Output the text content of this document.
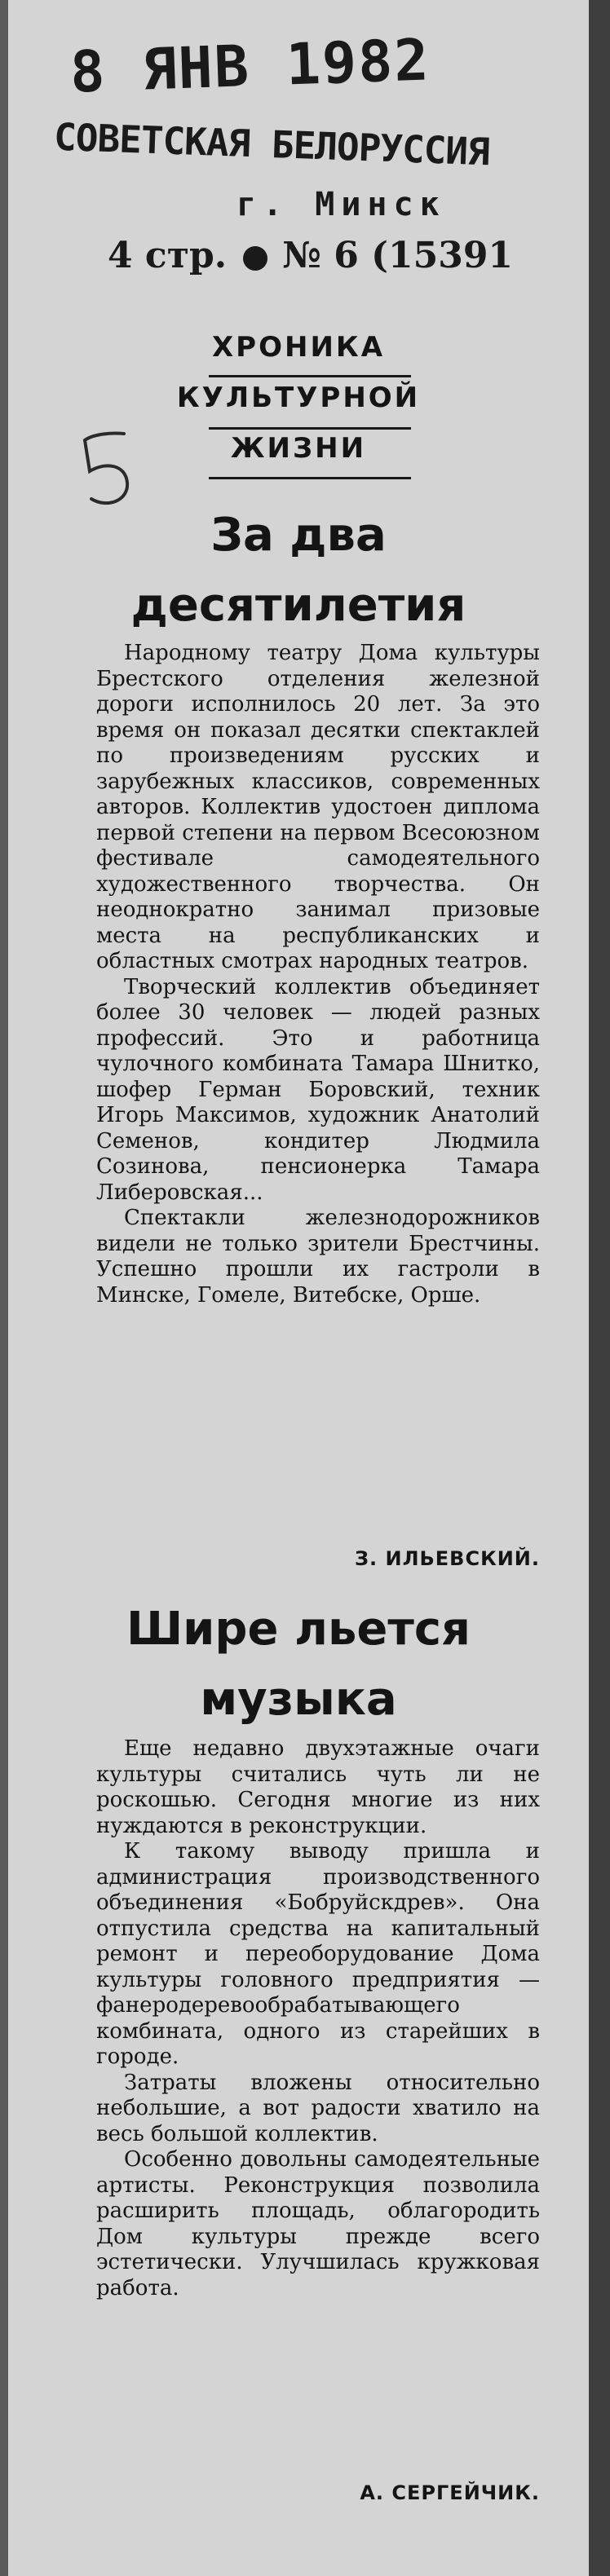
8 ЯНВ 1982
СОВЕТСКАЯ БЕЛОРУССИЯ
г. Минск
4 стр. № 6 (15391
ХРОНИКА
КУЛЬТУРНОЙ
ЖИЗНИ
За два
десятилетия

Народному театру Дома культуры Брестского отделения железной дороги исполнилось 20 лет. За это время он показал десятки спектаклей по произведениям русских и зарубежных классиков, современных авторов. Коллектив удостоен диплома первой степени на первом Всесоюзном фестивале самодеятельного художественного творчества. Он неоднократно занимал призовые места на республиканских и областных смотрах народных театров.

Творческий коллектив объединяет более 30 человек — людей разных профессий. Это и работница чулочного комбината Тамара Шнитко, шофер Герман Боровский, техник Игорь Максимов, художник Анатолий Семенов, кондитер Людмила Созинова, пенсионерка Тамара Либеровская...

Спектакли железнодорожников видели не только зрители Брестчины. Успешно прошли их гастроли в Минске, Гомеле, Витебске, Орше.

З. ИЛЬЕВСКИЙ.
Шире льется
музыка

Еще недавно двухэтажные очаги культуры считались чуть ли не роскошью. Сегодня многие из них нуждаются в реконструкции.

К такому выводу пришла и администрация производственного объединения «Бобруйскдрев». Она отпустила средства на капитальный ремонт и переоборудование Дома культуры головного предприятия — фанеродеревообрабатывающего комбината, одного из старейших в городе.

Затраты вложены относительно небольшие, а вот радости хватило на весь большой коллектив.

Особенно довольны самодеятельные артисты. Реконструкция позволила расширить площадь, облагородить Дом культуры прежде всего эстетически. Улучшилась кружковая работа.

А. СЕРГЕЙЧИК.
